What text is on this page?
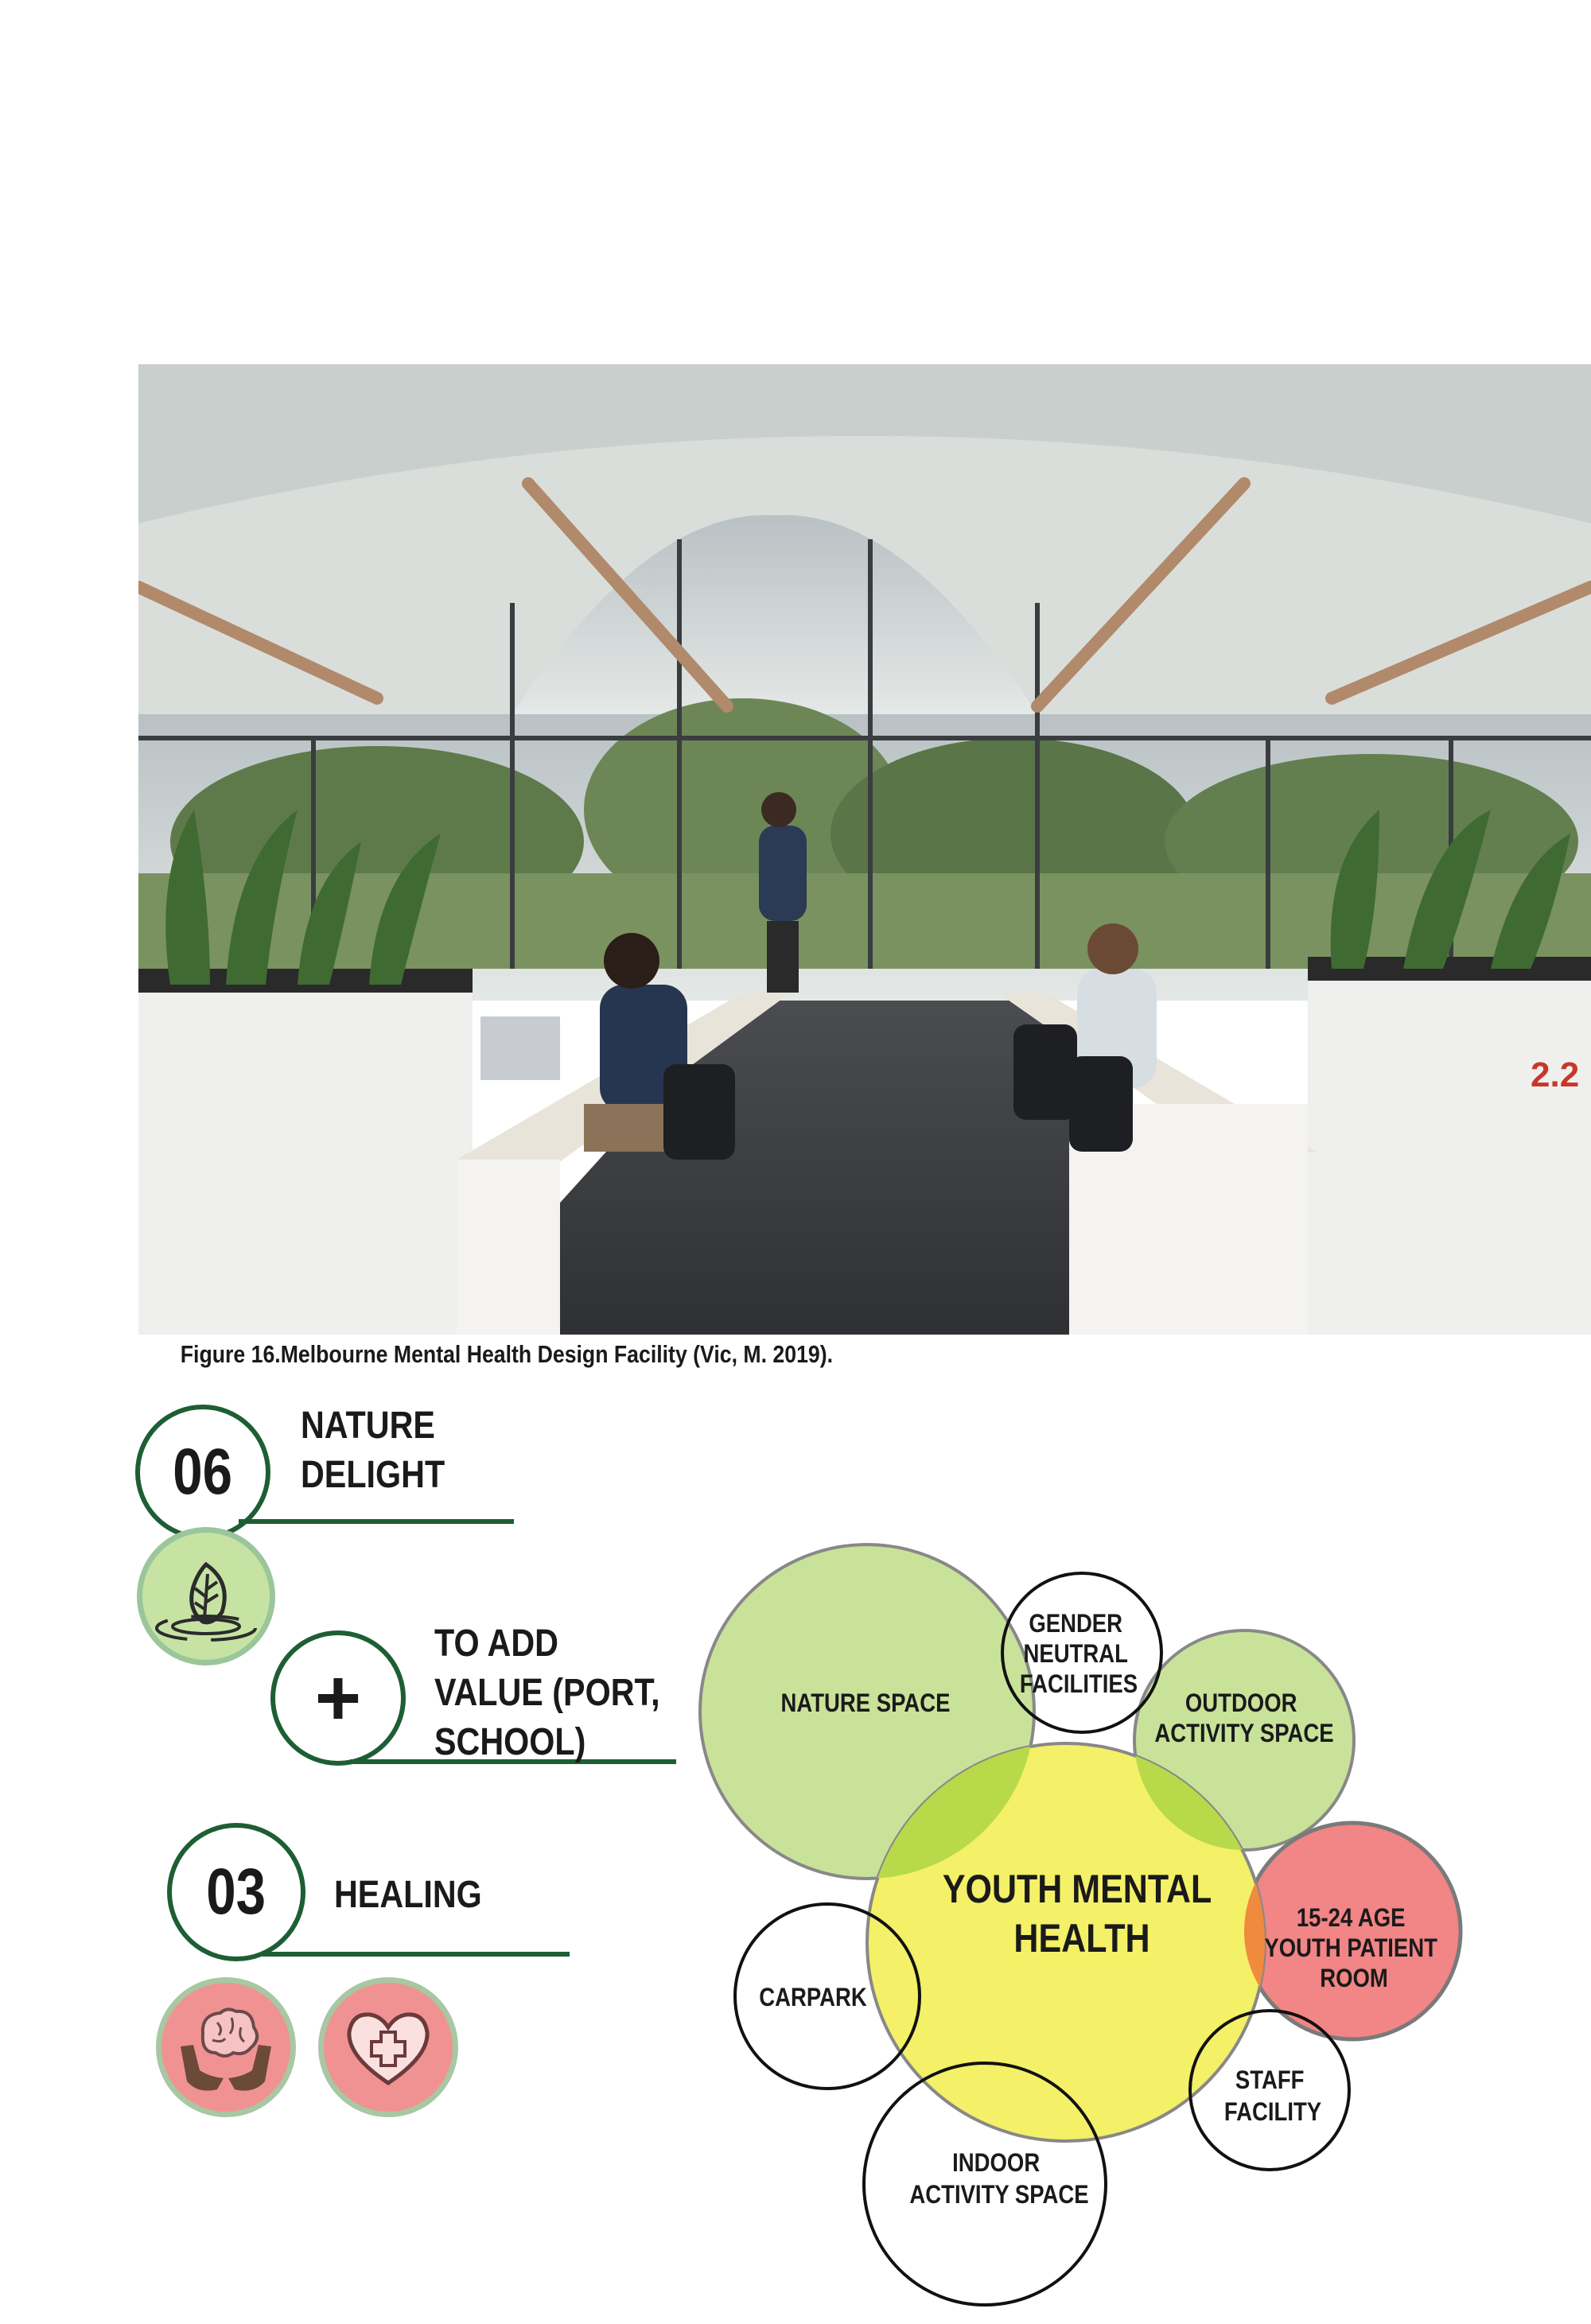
2.2
Figure 16.Melbourne Mental Health Design Facility (Vic, M. 2019).
06
NATURE
DELIGHT
+
TO ADD
VALUE (PORT,
SCHOOL)
03 HEALING
NATURE SPACE
GENDER NEUTRAL FACILITIES
OUTDOOR ACTIVITY SPACE
15-24 AGE YOUTH PATIENT ROOM
CARPARK
STAFF FACILITY
INDOOR ACTIVITY SPACE
YOUTH MENTAL HEALTH
